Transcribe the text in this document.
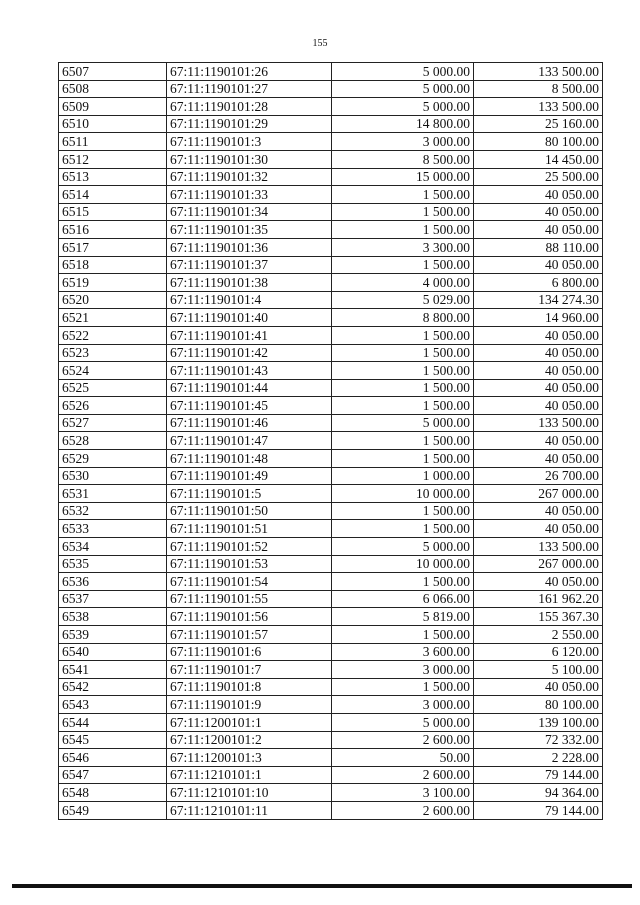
155
6507	67:11:1190101:26	5 000.00	133 500.00
6508	67:11:1190101:27	5 000.00	8 500.00
6509	67:11:1190101:28	5 000.00	133 500.00
6510	67:11:1190101:29	14 800.00	25 160.00
6511	67:11:1190101:3	3 000.00	80 100.00
6512	67:11:1190101:30	8 500.00	14 450.00
6513	67:11:1190101:32	15 000.00	25 500.00
6514	67:11:1190101:33	1 500.00	40 050.00
6515	67:11:1190101:34	1 500.00	40 050.00
6516	67:11:1190101:35	1 500.00	40 050.00
6517	67:11:1190101:36	3 300.00	88 110.00
6518	67:11:1190101:37	1 500.00	40 050.00
6519	67:11:1190101:38	4 000.00	6 800.00
6520	67:11:1190101:4	5 029.00	134 274.30
6521	67:11:1190101:40	8 800.00	14 960.00
6522	67:11:1190101:41	1 500.00	40 050.00
6523	67:11:1190101:42	1 500.00	40 050.00
6524	67:11:1190101:43	1 500.00	40 050.00
6525	67:11:1190101:44	1 500.00	40 050.00
6526	67:11:1190101:45	1 500.00	40 050.00
6527	67:11:1190101:46	5 000.00	133 500.00
6528	67:11:1190101:47	1 500.00	40 050.00
6529	67:11:1190101:48	1 500.00	40 050.00
6530	67:11:1190101:49	1 000.00	26 700.00
6531	67:11:1190101:5	10 000.00	267 000.00
6532	67:11:1190101:50	1 500.00	40 050.00
6533	67:11:1190101:51	1 500.00	40 050.00
6534	67:11:1190101:52	5 000.00	133 500.00
6535	67:11:1190101:53	10 000.00	267 000.00
6536	67:11:1190101:54	1 500.00	40 050.00
6537	67:11:1190101:55	6 066.00	161 962.20
6538	67:11:1190101:56	5 819.00	155 367.30
6539	67:11:1190101:57	1 500.00	2 550.00
6540	67:11:1190101:6	3 600.00	6 120.00
6541	67:11:1190101:7	3 000.00	5 100.00
6542	67:11:1190101:8	1 500.00	40 050.00
6543	67:11:1190101:9	3 000.00	80 100.00
6544	67:11:1200101:1	5 000.00	139 100.00
6545	67:11:1200101:2	2 600.00	72 332.00
6546	67:11:1200101:3	50.00	2 228.00
6547	67:11:1210101:1	2 600.00	79 144.00
6548	67:11:1210101:10	3 100.00	94 364.00
6549	67:11:1210101:11	2 600.00	79 144.00
